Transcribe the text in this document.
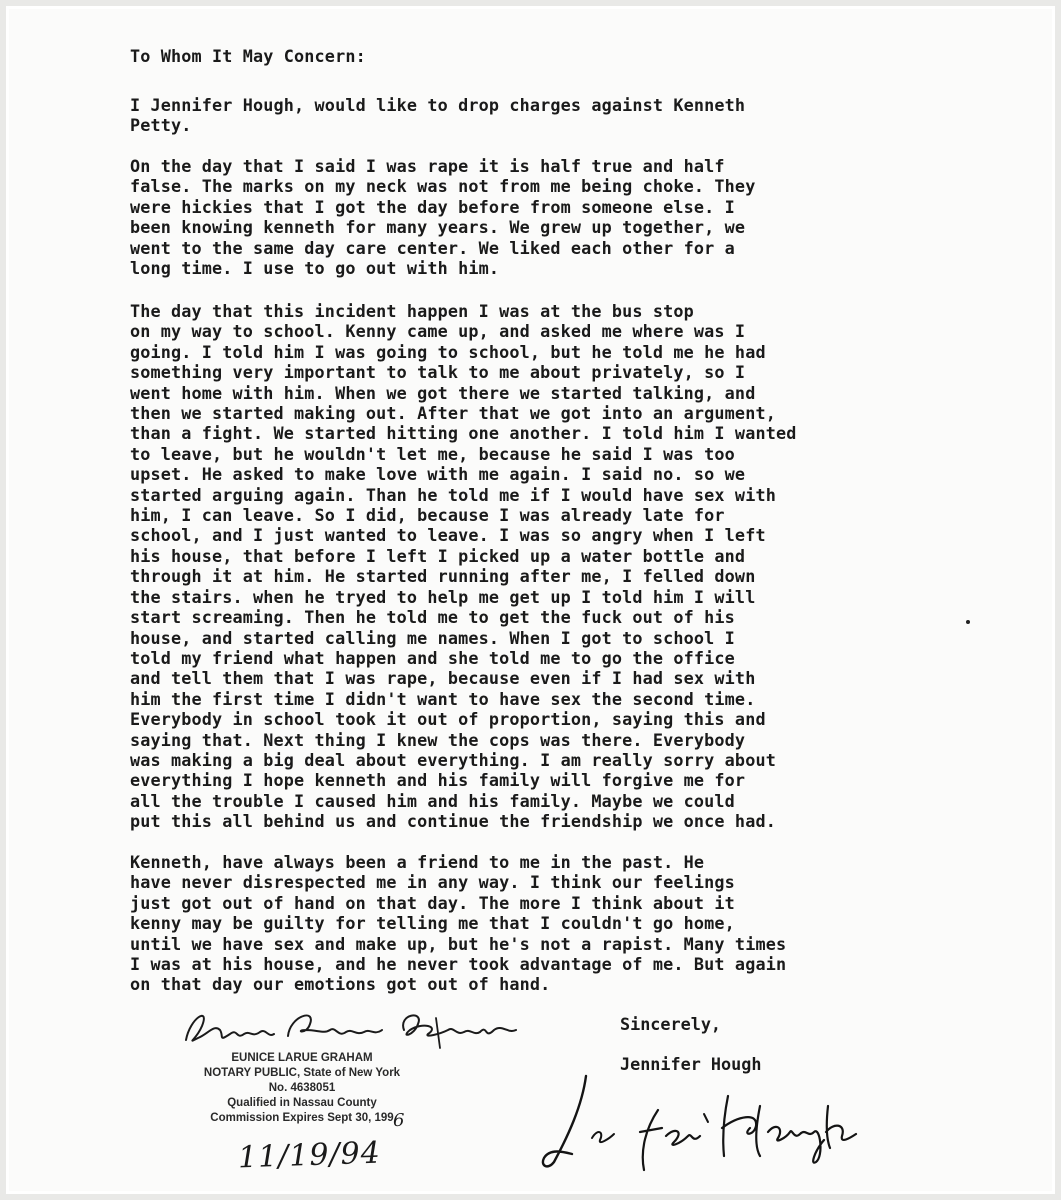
To Whom It May Concern:

I Jennifer Hough, would like to drop charges against Kenneth
Petty.

On the day that I said I was rape it is half true and half
false. The marks on my neck was not from me being choke. They
were hickies that I got the day before from someone else. I
been knowing kenneth for many years. We grew up together, we
went to the same day care center. We liked each other for a
long time. I use to go out with him.

The day that this incident happen I was at the bus stop
on my way to school. Kenny came up, and asked me where was I
going. I told him I was going to school, but he told me he had
something very important to talk to me about privately, so I
went home with him. When we got there we started talking, and
then we started making out. After that we got into an argument,
than a fight. We started hitting one another. I told him I wanted
to leave, but he wouldn't let me, because he said I was too
upset. He asked to make love with me again. I said no. so we
started arguing again. Than he told me if I would have sex with
him, I can leave. So I did, because I was already late for
school, and I just wanted to leave. I was so angry when I left
his house, that before I left I picked up a water bottle and
through it at him. He started running after me, I felled down
the stairs. when he tryed to help me get up I told him I will
start screaming. Then he told me to get the fuck out of his
house, and started calling me names. When I got to school I
told my friend what happen and she told me to go the office
and tell them that I was rape, because even if I had sex with
him the first time I didn't want to have sex the second time.
Everybody in school took it out of proportion, saying this and
saying that. Next thing I knew the cops was there. Everybody
was making a big deal about everything. I am really sorry about
everything I hope kenneth and his family will forgive me for
all the trouble I caused him and his family. Maybe we could
put this all behind us and continue the friendship we once had.

Kenneth, have always been a friend to me in the past. He
have never disrespected me in any way. I think our feelings
just got out of hand on that day. The more I think about it
kenny may be guilty for telling me that I couldn't go home,
until we have sex and make up, but he's not a rapist. Many times
I was at his house, and he never took advantage of me. But again
on that day our emotions got out of hand.

EUNICE LARUE GRAHAM
NOTARY PUBLIC, State of New York
No. 4638051
Qualified in Nassau County
Commission Expires Sept 30, 199 6
11/19/94
Sincerely,
Jennifer Hough
